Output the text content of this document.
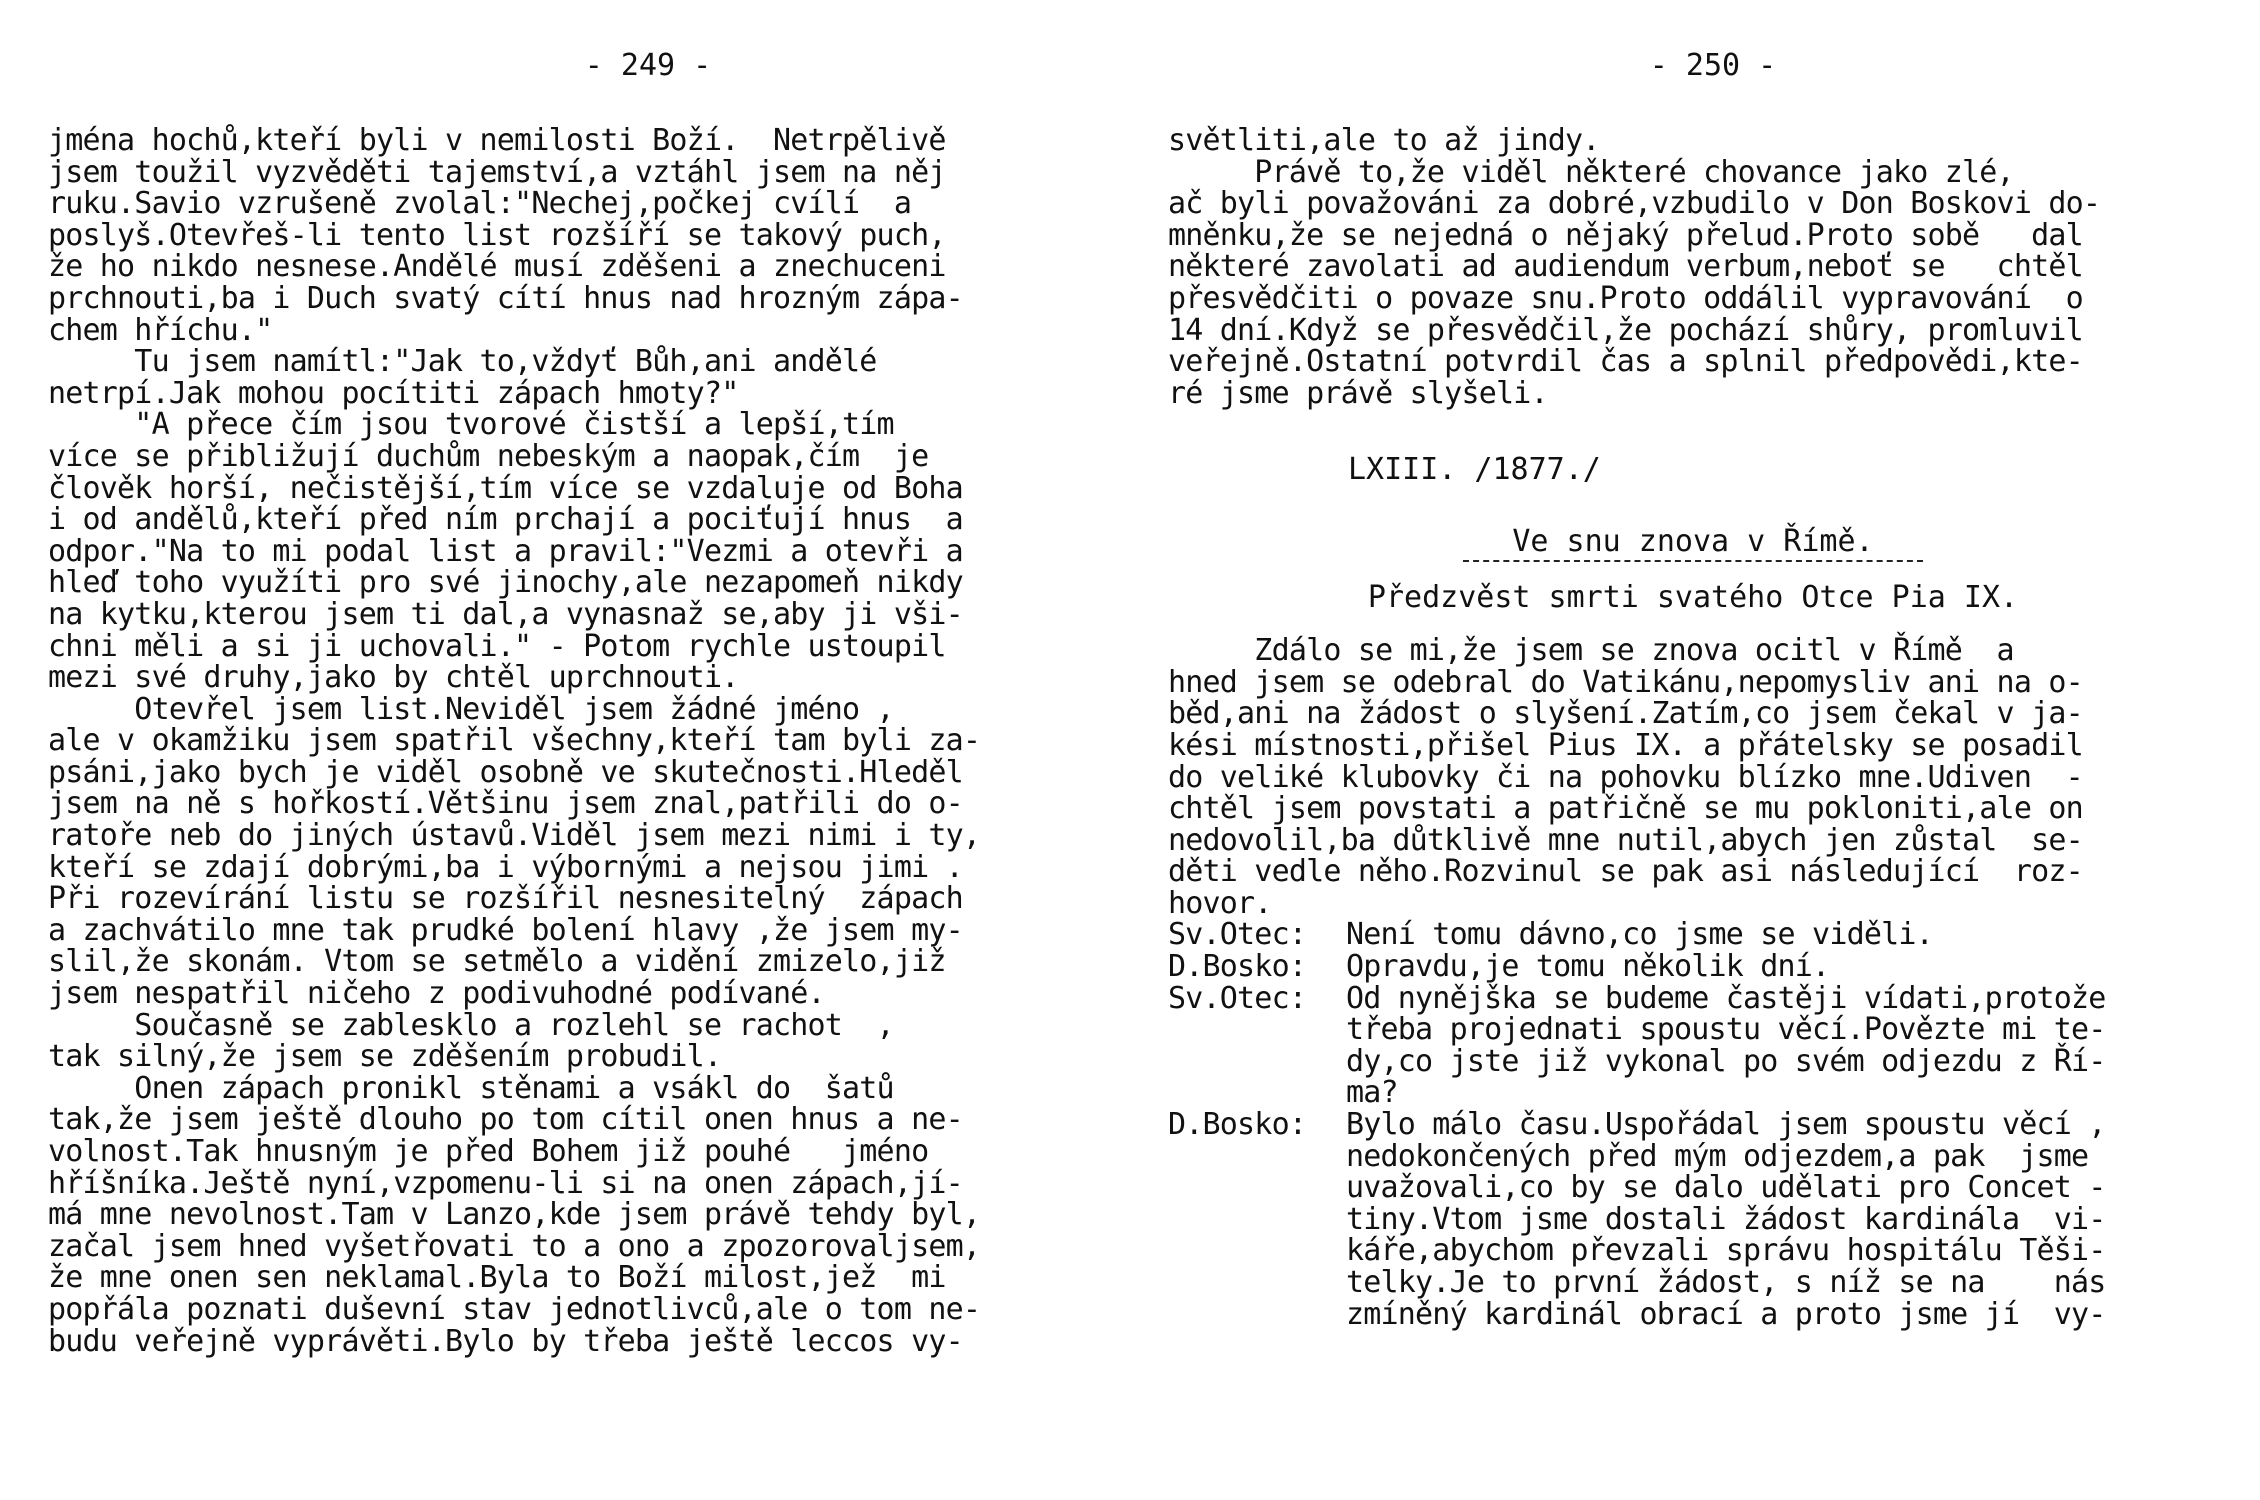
- 249 -
jména hochů,kteří byli v nemilosti Boží.  Netrpělivě
jsem toužil vyzvěděti tajemství,a vztáhl jsem na něj
ruku.Savio vzrušeně zvolal:"Nechej,počkej cvílí  a
poslyš.Otevřeš-li tento list rozšíří se takový puch,
že ho nikdo nesnese.Andělé musí zděšeni a znechuceni
prchnouti,ba i Duch svatý cítí hnus nad hrozným zápa-
chem hříchu."
Tu jsem namítl:"Jak to,vždyť Bůh,ani andělé
netrpí.Jak mohou pocítiti zápach hmoty?"
"A přece čím jsou tvorové čistší a lepší,tím
více se přibližují duchům nebeským a naopak,čím  je
člověk horší, nečistější,tím více se vzdaluje od Boha
i od andělů,kteří před ním prchají a pociťují hnus  a
odpor."Na to mi podal list a pravil:"Vezmi a otevři a
hleď toho využíti pro své jinochy,ale nezapomeň nikdy
na kytku,kterou jsem ti dal,a vynasnaž se,aby ji vši-
chni měli a si ji uchovali." - Potom rychle ustoupil
mezi své druhy,jako by chtěl uprchnouti.
Otevřel jsem list.Neviděl jsem žádné jméno ,
ale v okamžiku jsem spatřil všechny,kteří tam byli za-
psáni,jako bych je viděl osobně ve skutečnosti.Hleděl
jsem na ně s hořkostí.Většinu jsem znal,patřili do o-
ratoře neb do jiných ústavů.Viděl jsem mezi nimi i ty,
kteří se zdají dobrými,ba i výbornými a nejsou jimi .
Při rozevírání listu se rozšířil nesnesitelný  zápach
a zachvátilo mne tak prudké bolení hlavy ,že jsem my-
slil,že skonám. Vtom se setmělo a vidění zmizelo,již
jsem nespatřil ničeho z podivuhodné podívané.
Současně se zablesklo a rozlehl se rachot  ,
tak silný,že jsem se zděšením probudil.
Onen zápach pronikl stěnami a vsákl do  šatů
tak,že jsem ještě dlouho po tom cítil onen hnus a ne-
volnost.Tak hnusným je před Bohem již pouhé   jméno
hříšníka.Ještě nyní,vzpomenu-li si na onen zápach,jí-
má mne nevolnost.Tam v Lanzo,kde jsem právě tehdy byl,
začal jsem hned vyšetřovati to a ono a zpozorovaljsem,
že mne onen sen neklamal.Byla to Boží milost,jež  mi
popřála poznati duševní stav jednotlivců,ale o tom ne-
budu veřejně vyprávěti.Bylo by třeba ještě leccos vy-
- 250 -
světliti,ale to až jindy.
Právě to,že viděl některé chovance jako zlé,
ač byli považováni za dobré,vzbudilo v Don Boskovi do-
mněnku,že se nejedná o nějaký přelud.Proto sobě   dal
některé zavolati ad audiendum verbum,neboť se   chtěl
přesvědčiti o povaze snu.Proto oddálil vypravování  o
14 dní.Když se přesvědčil,že pochází shůry, promluvil
veřejně.Ostatní potvrdil čas a splnil předpovědi,kte-
ré jsme právě slyšeli.
LXIII. /1877./
Ve snu znova v Římě.
Předzvěst smrti svatého Otce Pia IX.
Zdálo se mi,že jsem se znova ocitl v Římě  a
hned jsem se odebral do Vatikánu,nepomysliv ani na o-
běd,ani na žádost o slyšení.Zatím,co jsem čekal v ja-
kési místnosti,přišel Pius IX. a přátelsky se posadil
do veliké klubovky či na pohovku blízko mne.Udiven  -
chtěl jsem povstati a patřičně se mu pokloniti,ale on
nedovolil,ba důtklivě mne nutil,abych jen zůstal  se-
děti vedle něho.Rozvinul se pak asi následující  roz-
hovor.
Sv.Otec:	Není tomu dávno,co jsme se viděli.
D.Bosko:	Opravdu,je tomu několik dní.
Sv.Otec:	Od nynějška se budeme častěji vídati,protože
třeba projednati spoustu věcí.Povězte mi te-
dy,co jste již vykonal po svém odjezdu z Ří-
ma?
D.Bosko:	Bylo málo času.Uspořádal jsem spoustu věcí ,
nedokončených před mým odjezdem,a pak  jsme
uvažovali,co by se dalo udělati pro Concet -
tiny.Vtom jsme dostali žádost kardinála  vi-
káře,abychom převzali správu hospitálu Těši-
telky.Je to první žádost, s níž se na    nás
zmíněný kardinál obrací a proto jsme jí  vy-
